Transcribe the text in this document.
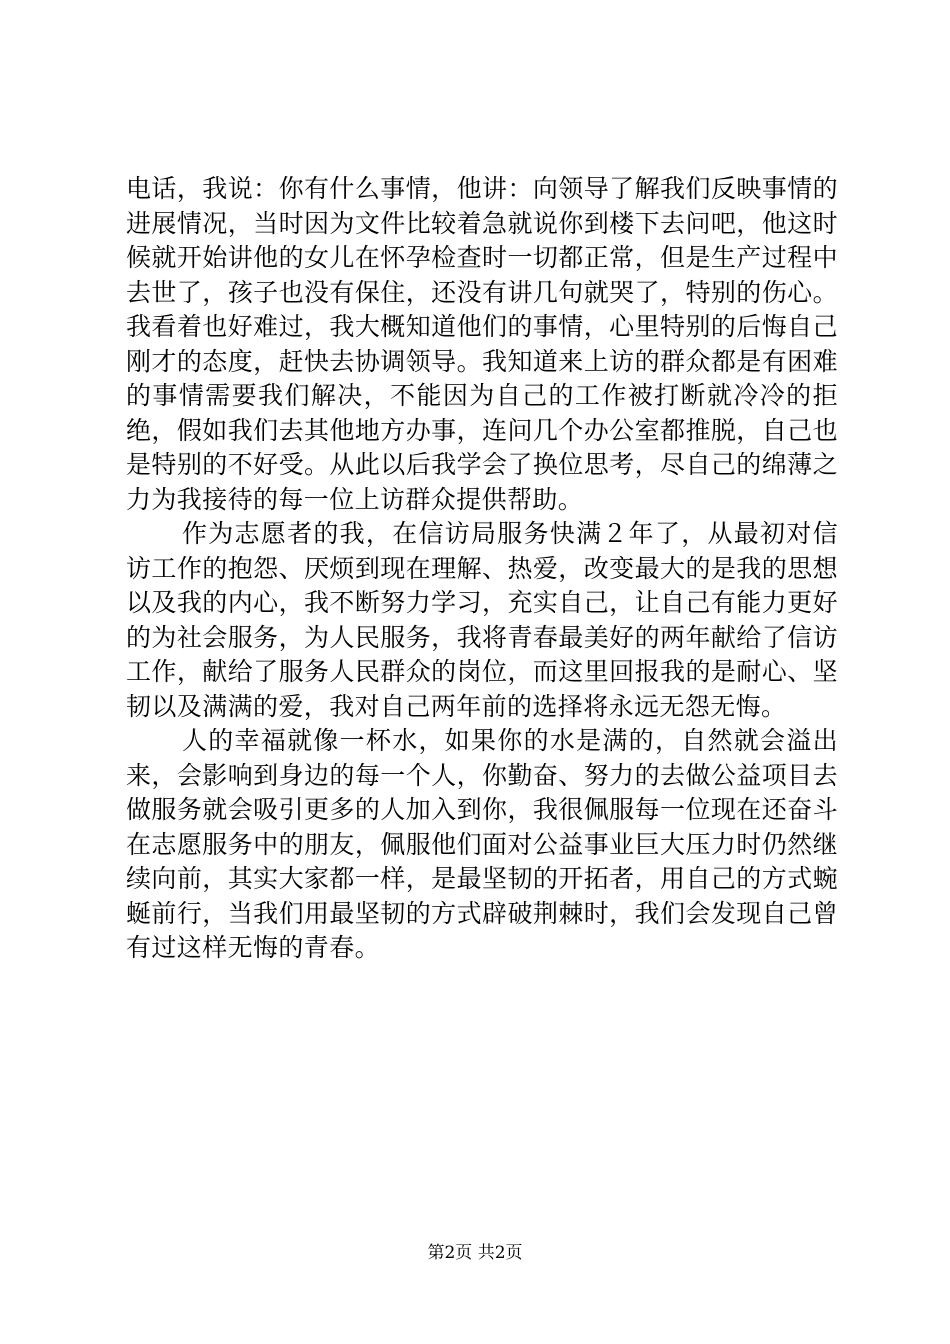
电话，我说：你有什么事情，他讲：向领导了解我们反映事情的进展情况，当时因为文件比较着急就说你到楼下去问吧，他这时候就开始讲他的女儿在怀孕检查时一切都正常，但是生产过程中去世了，孩子也没有保住，还没有讲几句就哭了，特别的伤心。我看着也好难过，我大概知道他们的事情，心里特别的后悔自己刚才的态度，赶快去协调领导。我知道来上访的群众都是有困难的事情需要我们解决，不能因为自己的工作被打断就冷冷的拒绝，假如我们去其他地方办事，连问几个办公室都推脱，自己也是特别的不好受。从此以后我学会了换位思考，尽自己的绵薄之力为我接待的每一位上访群众提供帮助。

作为志愿者的我，在信访局服务快满２年了，从最初对信访工作的抱怨、厌烦到现在理解、热爱，改变最大的是我的思想以及我的内心，我不断努力学习，充实自己，让自己有能力更好的为社会服务，为人民服务，我将青春最美好的两年献给了信访工作，献给了服务人民群众的岗位，而这里回报我的是耐心、坚韧以及满满的爱，我对自己两年前的选择将永远无怨无悔。

人的幸福就像一杯水，如果你的水是满的，自然就会溢出来，会影响到身边的每一个人，你勤奋、努力的去做公益项目去做服务就会吸引更多的人加入到你，我很佩服每一位现在还奋斗在志愿服务中的朋友，佩服他们面对公益事业巨大压力时仍然继续向前，其实大家都一样，是最坚韧的开拓者，用自己的方式蜿蜒前行，当我们用最坚韧的方式辟破荆棘时，我们会发现自己曾有过这样无悔的青春。

第2页 共2页
